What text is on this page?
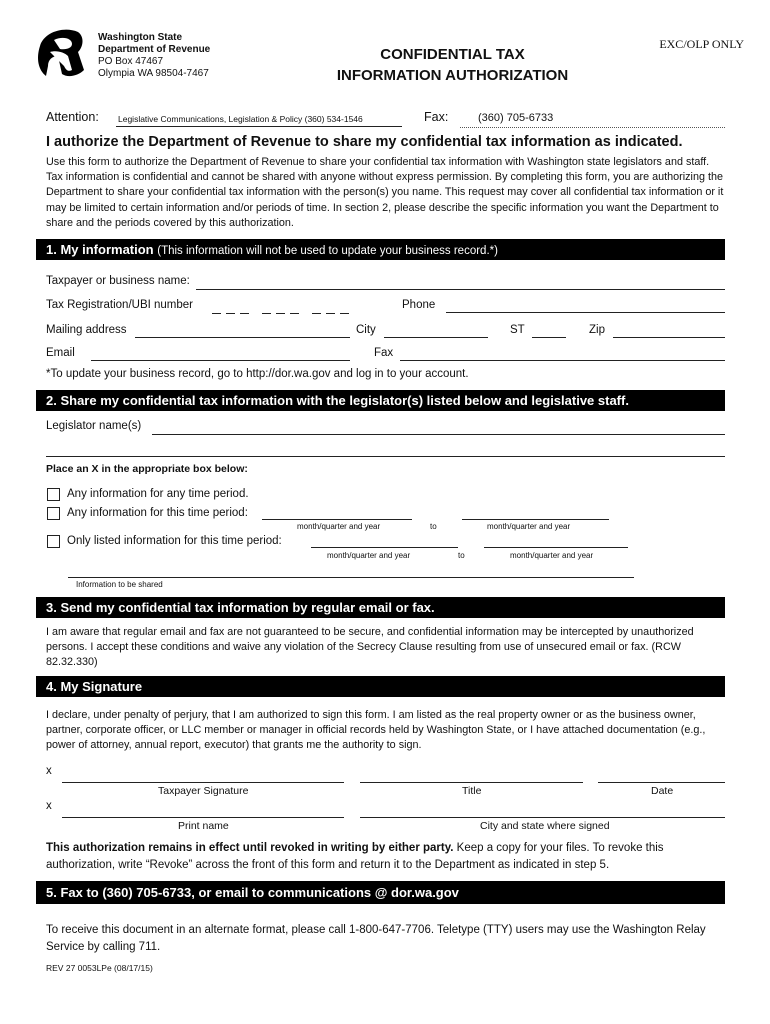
Washington State
Department of Revenue
PO Box 47467
Olympia WA 98504-7467
EXC/OLP ONLY
CONFIDENTIAL TAX
INFORMATION AUTHORIZATION
Attention: Legislative Communications, Legislation & Policy (360) 534-1546	Fax:	(360) 705-6733
I authorize the Department of Revenue to share my confidential tax information as indicated.
Use this form to authorize the Department of Revenue to share your confidential tax information with Washington state legislators and staff. Tax information is confidential and cannot be shared with anyone without express permission. By completing this form, you are authorizing the Department to share your confidential tax information with the person(s) you name. This request may cover all confidential tax information or it may be limited to certain information and/or periods of time. In section 2, please describe the specific information you want the Department to share and the periods covered by this authorization.
1. My information (This information will not be used to update your business record.*)
Taxpayer or business name:
Tax Registration/UBI number	Phone
Mailing address	City	ST	Zip
Email	Fax
*To update your business record, go to http://dor.wa.gov and log in to your account.
2. Share my confidential tax information with the legislator(s) listed below and legislative staff.
Legislator name(s)
Place an X in the appropriate box below:
Any information for any time period.
Any information for this time period:
month/quarter and year	to	month/quarter and year
Only listed information for this time period:
month/quarter and year	to	month/quarter and year
Information to be shared
3. Send my confidential tax information by regular email or fax.
I am aware that regular email and fax are not guaranteed to be secure, and confidential information may be intercepted by unauthorized persons. I accept these conditions and waive any violation of the Secrecy Clause resulting from use of unsecured email or fax. (RCW 82.32.330)
4. My Signature
I declare, under penalty of perjury, that I am authorized to sign this form. I am listed as the real property owner or as the business owner, partner, corporate officer, or LLC member or manager in official records held by Washington State, or I have attached documentation (e.g., power of attorney, annual report, executor) that grants me the authority to sign.
x
Taxpayer Signature	Title	Date
x
Print name	City and state where signed
This authorization remains in effect until revoked in writing by either party. Keep a copy for your files. To revoke this authorization, write “Revoke” across the front of this form and return it to the Department as indicated in step 5.
5. Fax to (360) 705-6733, or email to communications @ dor.wa.gov
To receive this document in an alternate format, please call 1-800-647-7706. Teletype (TTY) users may use the Washington Relay Service by calling 711.
REV 27 0053LPe (08/17/15)
